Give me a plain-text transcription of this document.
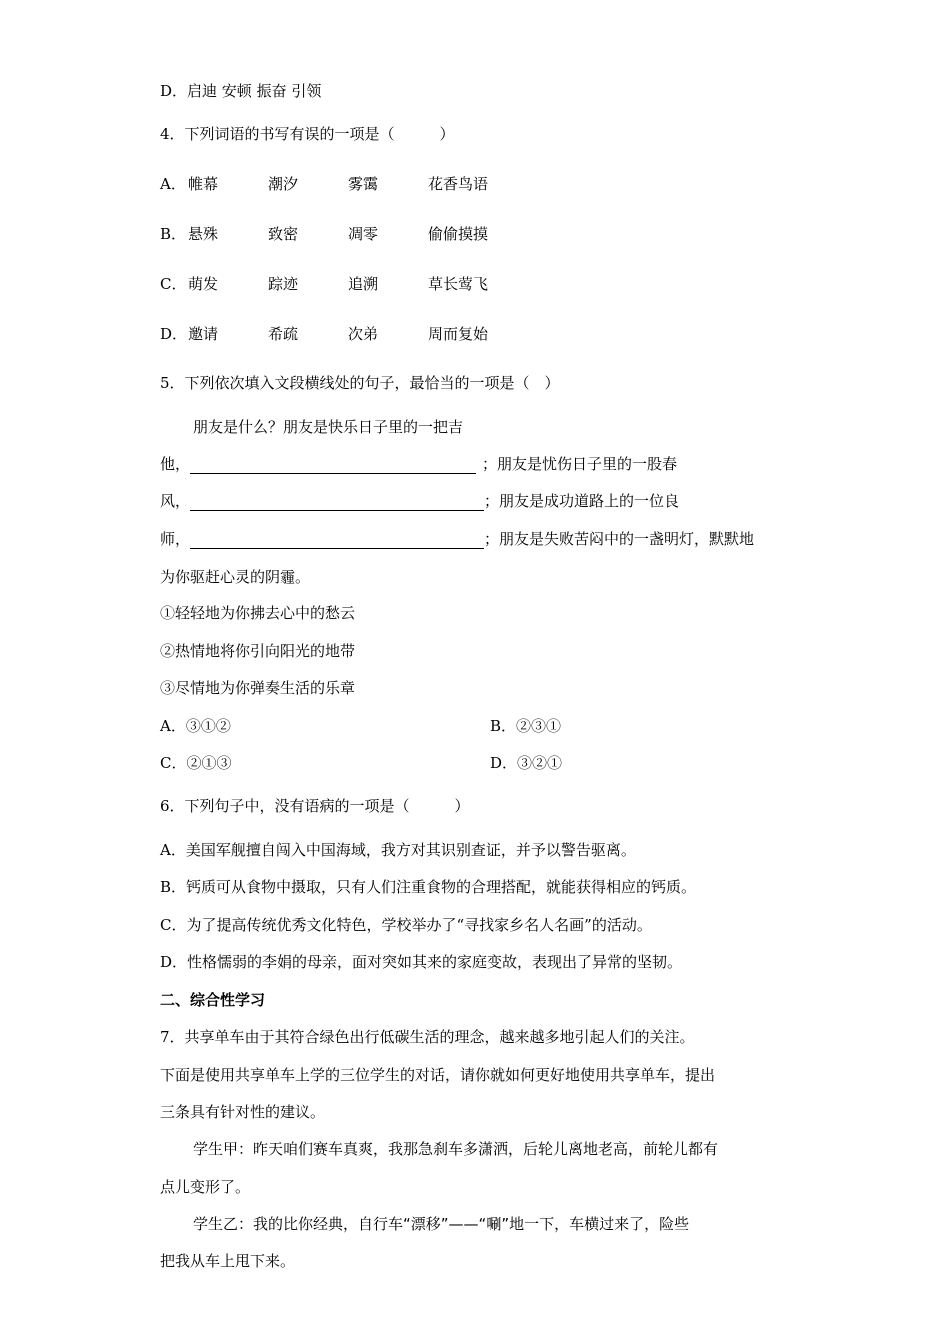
D．启迪 安顿 振奋 引领

4．下列词语的书写有误的一项是（　　　）

A． 帷幕	潮汐	雾霭	花香鸟语

B． 悬殊	致密	凋零	偷偷摸摸

C． 萌发	踪迹	追溯	草长莺飞

D．邀请	希疏	次弟	周而复始

5．下列依次填入文段横线处的句子，最恰当的一项是（　）

朋友是什么？朋友是快乐日子里的一把吉

他，	；朋友是忧伤日子里的一股春

风，	；朋友是成功道路上的一位良

师，	；朋友是失败苦闷中的一盏明灯，默默地

为你驱赶心灵的阴霾。

①轻轻地为你拂去心中的愁云

②热情地将你引向阳光的地带

③尽情地为你弹奏生活的乐章

A．③①②	B．②③①

C．②①③	D．③②①

6．下列句子中，没有语病的一项是（　　　）

A．美国军舰擅自闯入中国海域，我方对其识别查证，并予以警告驱离。

B．钙质可从食物中摄取，只有人们注重食物的合理搭配，就能获得相应的钙质。

C．为了提高传统优秀文化特色，学校举办了“寻找家乡名人名画”的活动。

D．性格懦弱的李娟的母亲，面对突如其来的家庭变故，表现出了异常的坚韧。

二、综合性学习

7．共享单车由于其符合绿色出行低碳生活的理念，越来越多地引起人们的关注。

下面是使用共享单车上学的三位学生的对话，请你就如何更好地使用共享单车，提出

三条具有针对性的建议。

学生甲：昨天咱们赛车真爽，我那急刹车多潇洒，后轮儿离地老高，前轮儿都有

点儿变形了。

学生乙：我的比你经典，自行车“漂移”——“唰”地一下，车横过来了，险些

把我从车上甩下来。
